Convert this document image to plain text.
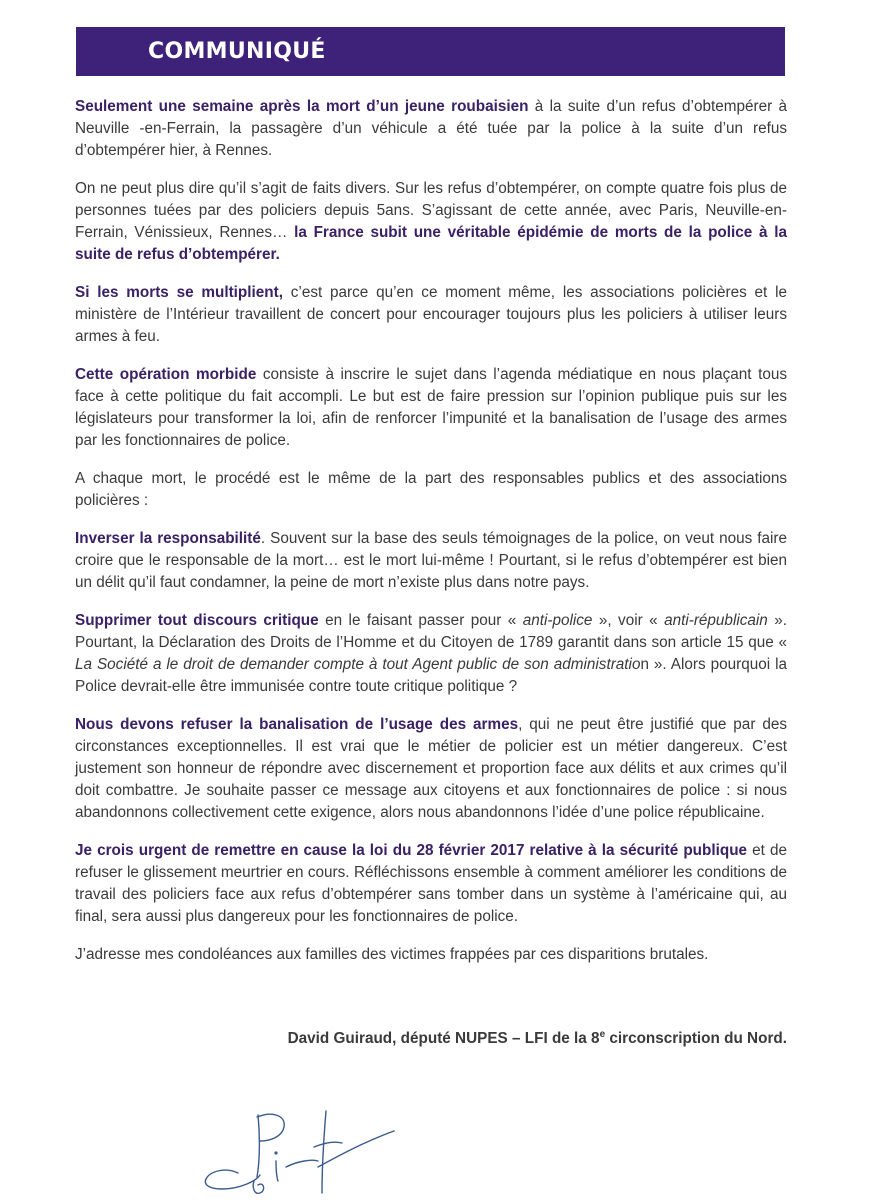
COMMUNIQUÉ

Seulement une semaine après la mort d’un jeune roubaisien à la suite d’un refus d’obtempérer à Neuville -en-Ferrain, la passagère d’un véhicule a été tuée par la police à la suite d’un refus d’obtempérer hier, à Rennes.

On ne peut plus dire qu’il s’agit de faits divers. Sur les refus d’obtempérer, on compte quatre fois plus de personnes tuées par des policiers depuis 5ans. S’agissant de cette année, avec Paris, Neuville-en-Ferrain, Vénissieux, Rennes… la France subit une véritable épidémie de morts de la police à la suite de refus d’obtempérer.

Si les morts se multiplient, c’est parce qu’en ce moment même, les associations policières et le ministère de l’Intérieur travaillent de concert pour encourager toujours plus les policiers à utiliser leurs armes à feu.

Cette opération morbide consiste à inscrire le sujet dans l’agenda médiatique en nous plaçant tous face à cette politique du fait accompli. Le but est de faire pression sur l’opinion publique puis sur les législateurs pour transformer la loi, afin de renforcer l’impunité et la banalisation de l’usage des armes par les fonctionnaires de police.

A chaque mort, le procédé est le même de la part des responsables publics et des associations policières :

Inverser la responsabilité. Souvent sur la base des seuls témoignages de la police, on veut nous faire croire que le responsable de la mort… est le mort lui-même ! Pourtant, si le refus d’obtempérer est bien un délit qu’il faut condamner, la peine de mort n’existe plus dans notre pays.

Supprimer tout discours critique en le faisant passer pour « anti-police », voir « anti-républicain ». Pourtant, la Déclaration des Droits de l’Homme et du Citoyen de 1789 garantit dans son article 15 que « La Société a le droit de demander compte à tout Agent public de son administration ». Alors pourquoi la Police devrait-elle être immunisée contre toute critique politique ?

Nous devons refuser la banalisation de l’usage des armes, qui ne peut être justifié que par des circonstances exceptionnelles. Il est vrai que le métier de policier est un métier dangereux. C’est justement son honneur de répondre avec discernement et proportion face aux délits et aux crimes qu’il doit combattre. Je souhaite passer ce message aux citoyens et aux fonctionnaires de police : si nous abandonnons collectivement cette exigence, alors nous abandonnons l’idée d’une police républicaine.

Je crois urgent de remettre en cause la loi du 28 février 2017 relative à la sécurité publique et de refuser le glissement meurtrier en cours. Réfléchissons ensemble à comment améliorer les conditions de travail des policiers face aux refus d’obtempérer sans tomber dans un système à l’américaine qui, au final, sera aussi plus dangereux pour les fonctionnaires de police.

J’adresse mes condoléances aux familles des victimes frappées par ces disparitions brutales.

David Guiraud, député NUPES – LFI de la 8e circonscription du Nord.
